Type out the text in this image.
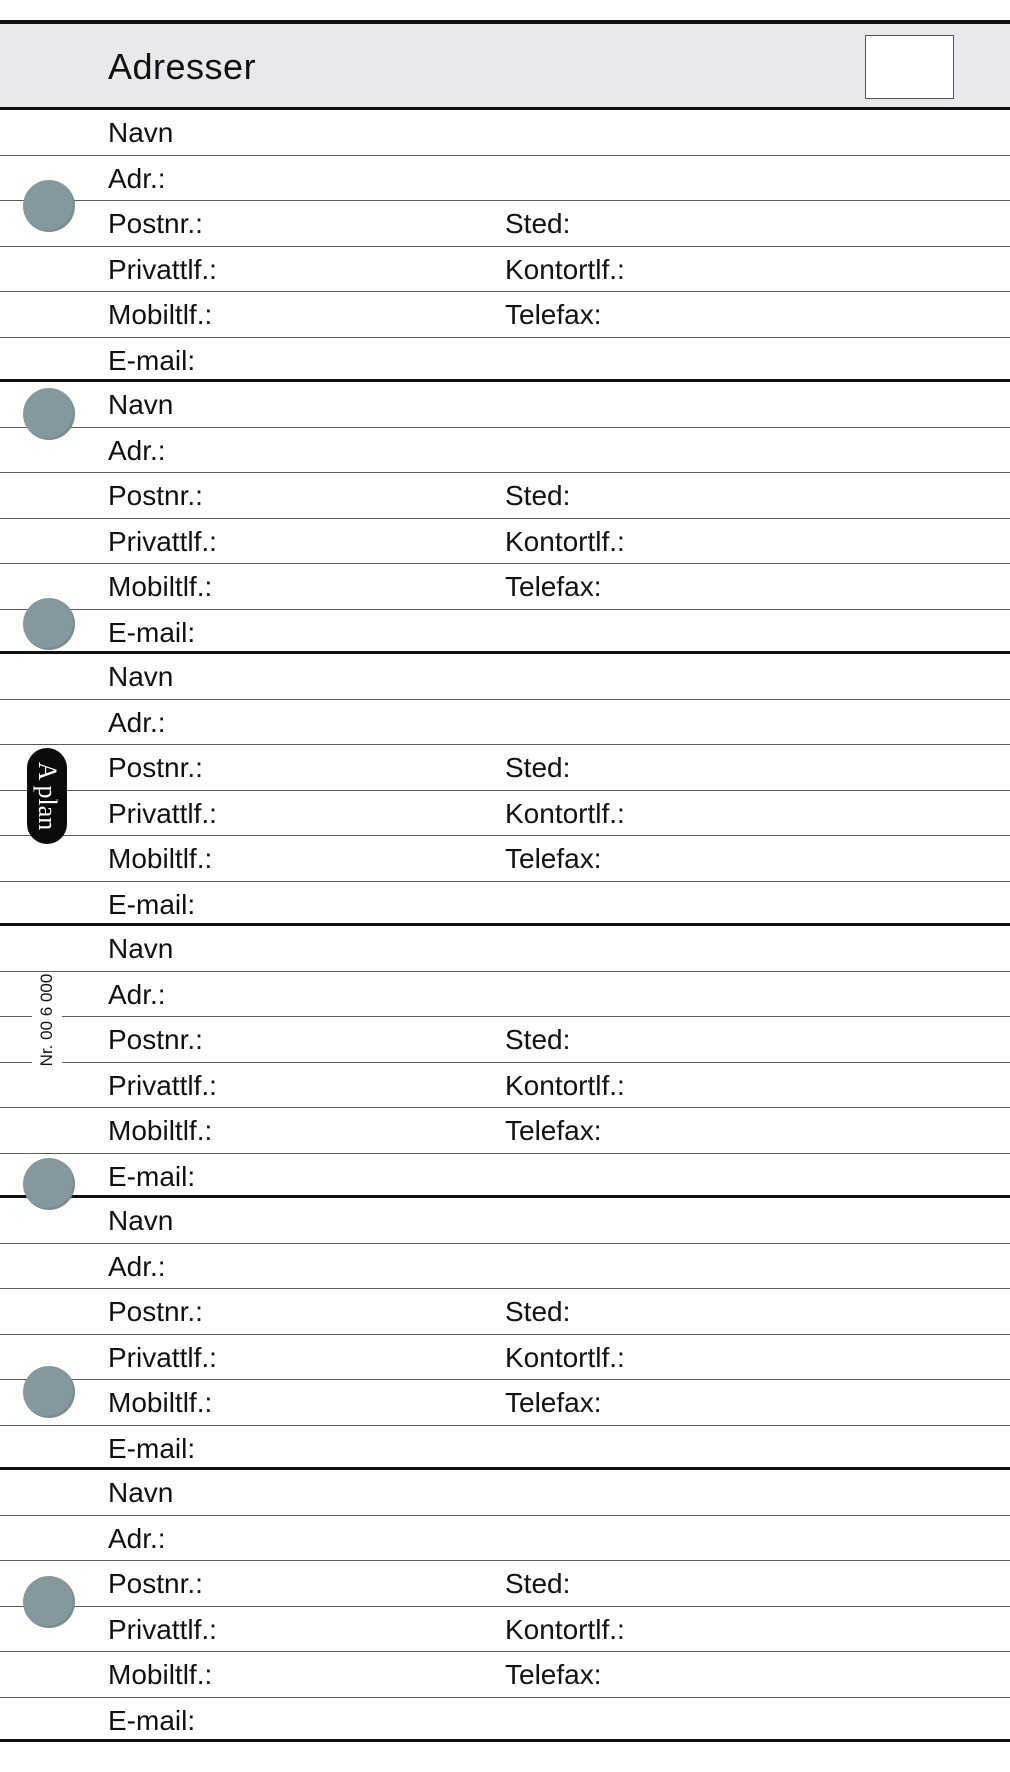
Adresser
Navn
Adr.:
Postnr.:	Sted:
Privattlf.:	Kontortlf.:
Mobiltlf.:	Telefax:
E-mail:
Navn
Adr.:
Postnr.:	Sted:
Privattlf.:	Kontortlf.:
Mobiltlf.:	Telefax:
E-mail:
Navn
Adr.:
Postnr.:	Sted:
Privattlf.:	Kontortlf.:
Mobiltlf.:	Telefax:
E-mail:
Navn
Adr.:
Postnr.:	Sted:
Privattlf.:	Kontortlf.:
Mobiltlf.:	Telefax:
E-mail:
Navn
Adr.:
Postnr.:	Sted:
Privattlf.:	Kontortlf.:
Mobiltlf.:	Telefax:
E-mail:
Navn
Adr.:
Postnr.:	Sted:
Privattlf.:	Kontortlf.:
Mobiltlf.:	Telefax:
E-mail:
A plan
Nr. 00 6 000
